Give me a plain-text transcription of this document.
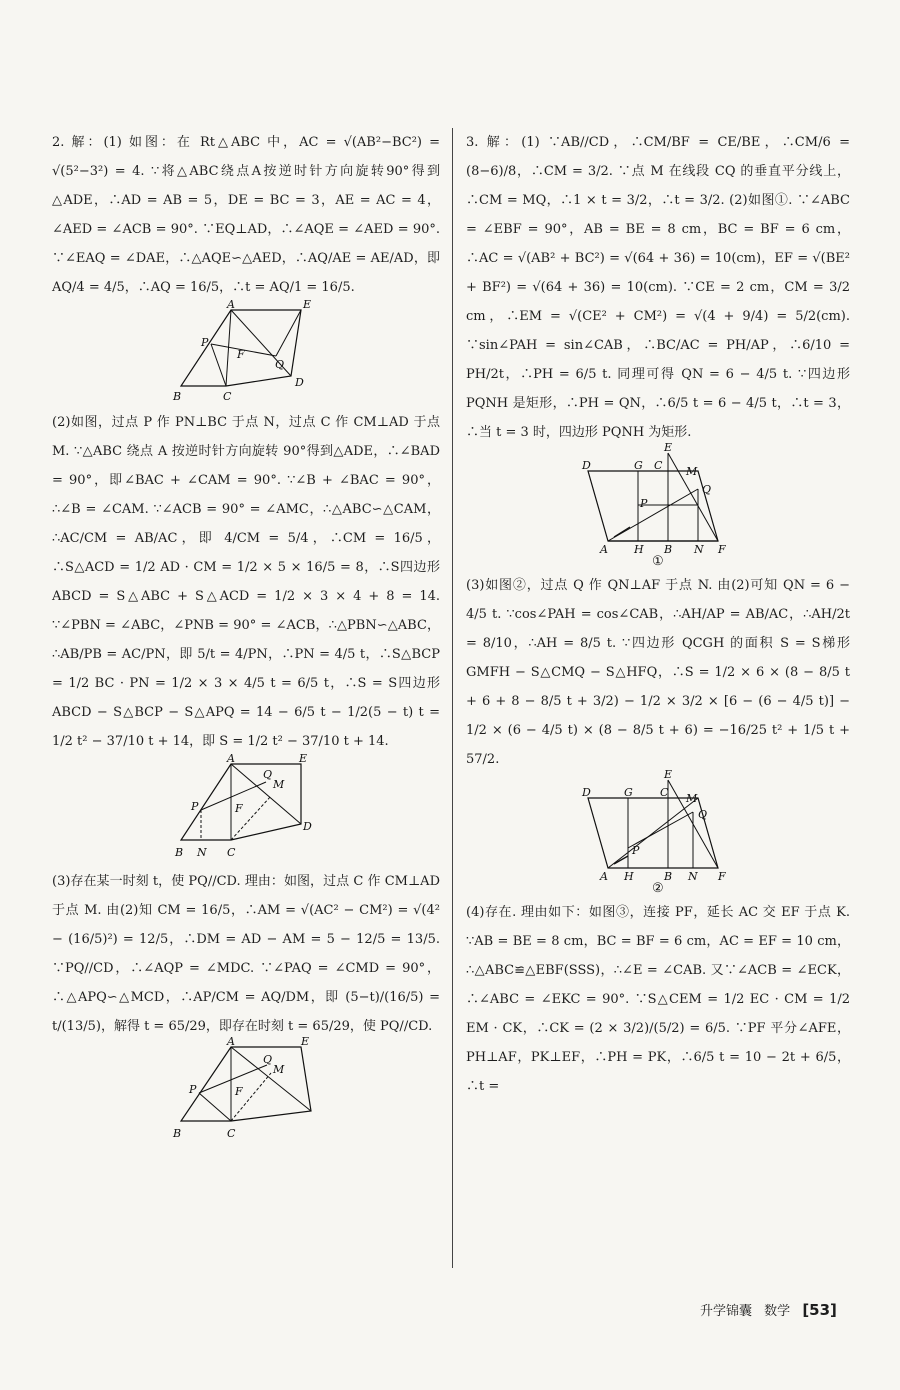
2. 解：(1) 如图：在 Rt△ABC 中，AC = √(AB²−BC²) = √(5²−3²) = 4. ∵将△ABC绕点A按逆时针方向旋转90°得到△ADE，∴AD = AB = 5，DE = BC = 3，AE = AC = 4，∠AED = ∠ACB = 90°. ∵EQ⊥AD，∴∠AQE = ∠AED = 90°. ∵∠EAQ = ∠DAE，∴△AQE∽△AED，∴AQ/AE = AE/AD，即 AQ/4 = 4/5，∴AQ = 16/5，∴t = AQ/1 = 16/5.

A	E
P
F
Q
D
B	C

(2)如图，过点 P 作 PN⊥BC 于点 N，过点 C 作 CM⊥AD 于点 M. ∵△ABC 绕点 A 按逆时针方向旋转 90°得到△ADE，∴∠BAD = 90°，即∠BAC + ∠CAM = 90°. ∵∠B + ∠BAC = 90°，∴∠B = ∠CAM. ∵∠ACB = 90° = ∠AMC，∴△ABC∽△CAM，∴AC/CM = AB/AC，即 4/CM = 5/4，∴CM = 16/5，∴S△ACD = 1/2 AD · CM = 1/2 × 5 × 16/5 = 8，∴S四边形ABCD = S△ABC + S△ACD = 1/2 × 3 × 4 + 8 = 14. ∵∠PBN = ∠ABC，∠PNB = 90° = ∠ACB，∴△PBN∽△ABC，∴AB/PB = AC/PN，即 5/t = 4/PN，∴PN = 4/5 t，∴S△BCP = 1/2 BC · PN = 1/2 × 3 × 4/5 t = 6/5 t，∴S = S四边形ABCD − S△BCP − S△APQ = 14 − 6/5 t − 1/2(5 − t) t = 1/2 t² − 37/10 t + 14，即 S = 1/2 t² − 37/10 t + 14.

A	E
Q
M
P	F
D
B N C

(3)存在某一时刻 t，使 PQ//CD. 理由：如图，过点 C 作 CM⊥AD 于点 M. 由(2)知 CM = 16/5，∴AM = √(AC² − CM²) = √(4² − (16/5)²) = 12/5，∴DM = AD − AM = 5 − 12/5 = 13/5. ∵PQ//CD，∴∠AQP = ∠MDC. ∵∠PAQ = ∠CMD = 90°，∴△APQ∽△MCD，∴AP/CM = AQ/DM，即 (5−t)/(16/5) = t/(13/5)，解得 t = 65/29，即存在时刻 t = 65/29，使 PQ//CD.

A	E
Q
M
P	F
B	C

3. 解：(1) ∵AB//CD，∴CM/BF = CE/BE，∴CM/6 = (8−6)/8，∴CM = 3/2. ∵点 M 在线段 CQ 的垂直平分线上，∴CM = MQ，∴1 × t = 3/2，∴t = 3/2. (2)如图①. ∵∠ABC = ∠EBF = 90°，AB = BE = 8 cm，BC = BF = 6 cm，∴AC = √(AB² + BC²) = √(64 + 36) = 10(cm)，EF = √(BE² + BF²) = √(64 + 36) = 10(cm). ∵CE = 2 cm，CM = 3/2 cm，∴EM = √(CE² + CM²) = √(4 + 9/4) = 5/2(cm). ∵sin∠PAH = sin∠CAB，∴BC/AC = PH/AP，∴6/10 = PH/2t，∴PH = 6/5 t. 同理可得 QN = 6 − 4/5 t. ∵四边形 PQNH 是矩形，∴PH = QN，∴6/5 t = 6 − 4/5 t，∴t = 3，∴当 t = 3 时，四边形 PQNH 为矩形.

E
D	G C M
Q
P
A H B N F
①

(3)如图②，过点 Q 作 QN⊥AF 于点 N. 由(2)可知 QN = 6 − 4/5 t. ∵cos∠PAH = cos∠CAB，∴AH/AP = AB/AC，∴AH/2t = 8/10，∴AH = 8/5 t. ∵四边形 QCGH 的面积 S = S梯形GMFH − S△CMQ − S△HFQ，∴S = 1/2 × 6 × (8 − 8/5 t + 6 + 8 − 8/5 t + 3/2) − 1/2 × 3/2 × [6 − (6 − 4/5 t)] − 1/2 × (6 − 4/5 t) × (8 − 8/5 t + 6) = −16/25 t² + 1/5 t + 57/2.

E
D	G C M
Q
P
A H	B N F
②

(4)存在. 理由如下：如图③，连接 PF，延长 AC 交 EF 于点 K. ∵AB = BE = 8 cm，BC = BF = 6 cm，AC = EF = 10 cm，∴△ABC≌△EBF(SSS)，∴∠E = ∠CAB. 又∵∠ACB = ∠ECK，∴∠ABC = ∠EKC = 90°. ∵S△CEM = 1/2 EC · CM = 1/2 EM · CK，∴CK = (2 × 3/2)/(5/2) = 6/5. ∵PF 平分∠AFE，PH⊥AF，PK⊥EF，∴PH = PK，∴6/5 t = 10 − 2t + 6/5，∴t =

升学锦囊 数学 [53]
